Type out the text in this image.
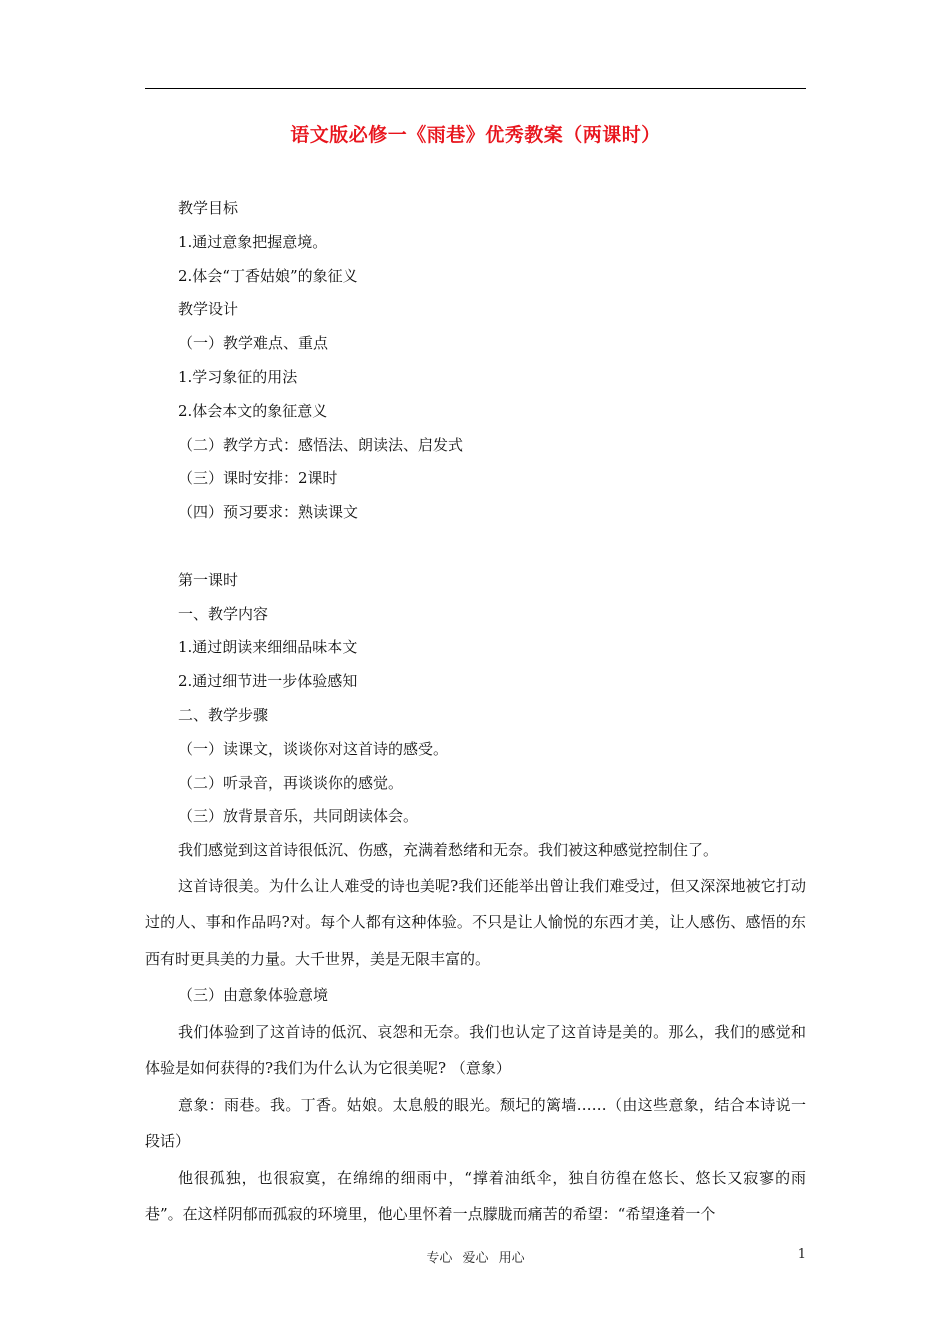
语文版必修一《雨巷》优秀教案（两课时）
教学目标
1.通过意象把握意境。
2.体会“丁香姑娘”的象征义
教学设计
（一）教学难点、重点
1.学习象征的用法
2.体会本文的象征意义
（二）教学方式：感悟法、朗读法、启发式
（三）课时安排：2课时
（四）预习要求：熟读课文
第一课时
一、教学内容
1.通过朗读来细细品味本文
2.通过细节进一步体验感知
二、教学步骤
（一）读课文，谈谈你对这首诗的感受。
（二）听录音，再谈谈你的感觉。
（三）放背景音乐，共同朗读体会。
我们感觉到这首诗很低沉、伤感，充满着愁绪和无奈。我们被这种感觉控制住了。

这首诗很美。为什么让人难受的诗也美呢?我们还能举出曾让我们难受过，但又深深地被它打动过的人、事和作品吗?对。每个人都有这种体验。不只是让人愉悦的东西才美，让人感伤、感悟的东西有时更具美的力量。大千世界，美是无限丰富的。

（三）由意象体验意境

我们体验到了这首诗的低沉、哀怨和无奈。我们也认定了这首诗是美的。那么，我们的感觉和体验是如何获得的?我们为什么认为它很美呢? （意象）

意象：雨巷。我。丁香。姑娘。太息般的眼光。颓圮的篱墙……（由这些意象，结合本诗说一段话）

他很孤独，也很寂寞，在绵绵的细雨中，“撑着油纸伞，独自彷徨在悠长、悠长又寂寥的雨巷”。在这样阴郁而孤寂的环境里，他心里怀着一点朦胧而痛苦的希望：“希望逢着一个

专心 爱心 用心	1
